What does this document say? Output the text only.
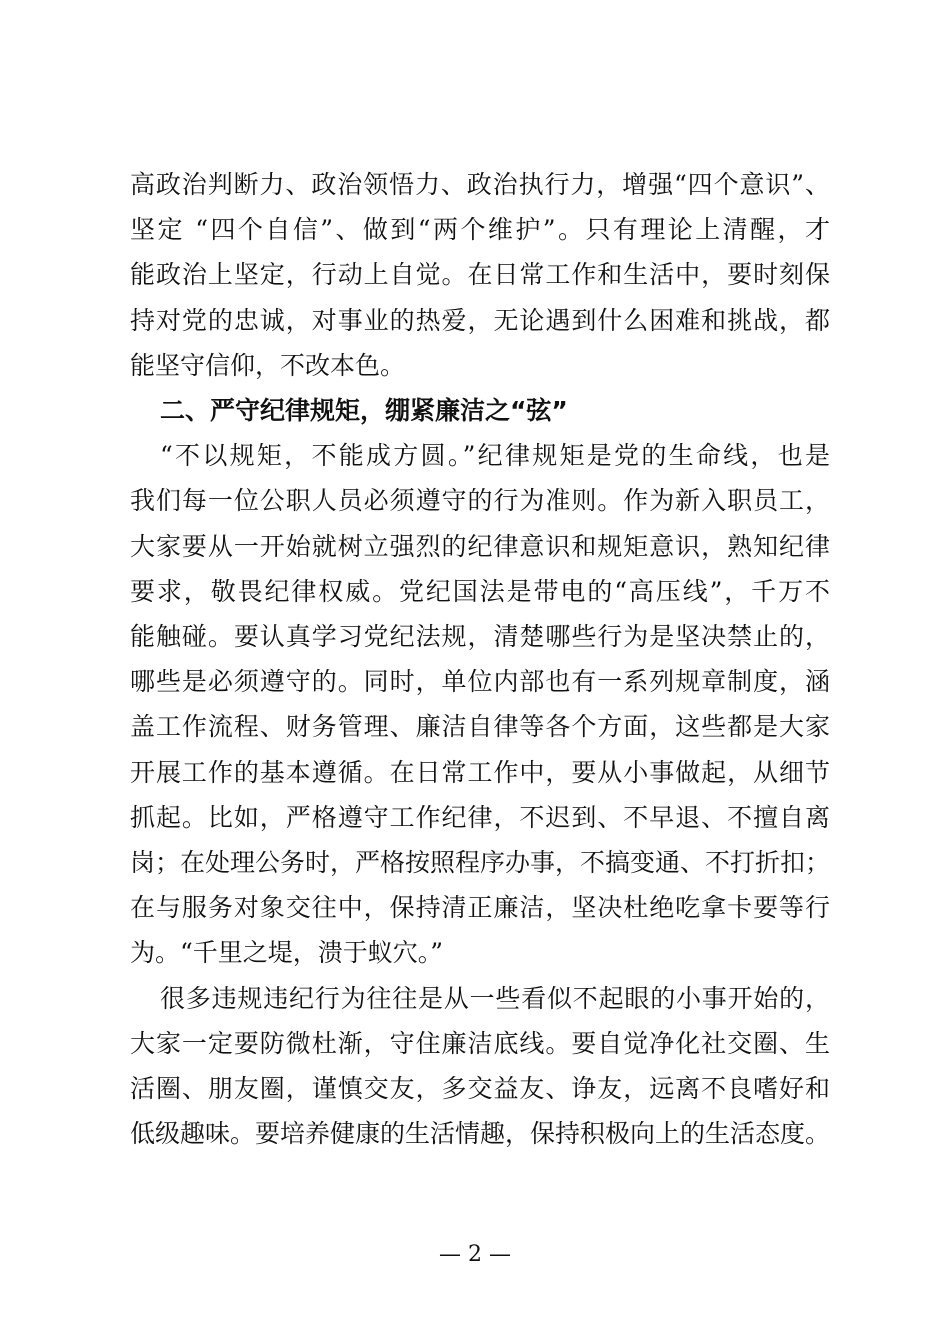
高政治判断力、政治领悟力、政治执行力，增强“四个意识”、
坚定 “四个自信”、做到“两个维护”。只有理论上清醒，才
能政治上坚定，行动上自觉。在日常工作和生活中，要时刻保
持对党的忠诚，对事业的热爱，无论遇到什么困难和挑战，都
能坚守信仰，不改本色。
二、严守纪律规矩，绷紧廉洁之“弦”
“不以规矩，不能成方圆。”纪律规矩是党的生命线，也是
我们每一位公职人员必须遵守的行为准则。作为新入职员工，
大家要从一开始就树立强烈的纪律意识和规矩意识，熟知纪律
要求，敬畏纪律权威。党纪国法是带电的“高压线”，千万不
能触碰。要认真学习党纪法规，清楚哪些行为是坚决禁止的，
哪些是必须遵守的。同时，单位内部也有一系列规章制度，涵
盖工作流程、财务管理、廉洁自律等各个方面，这些都是大家
开展工作的基本遵循。在日常工作中，要从小事做起，从细节
抓起。比如，严格遵守工作纪律，不迟到、不早退、不擅自离
岗；在处理公务时，严格按照程序办事，不搞变通、不打折扣；
在与服务对象交往中，保持清正廉洁，坚决杜绝吃拿卡要等行
为。“千里之堤，溃于蚁穴。”
很多违规违纪行为往往是从一些看似不起眼的小事开始的，
大家一定要防微杜渐，守住廉洁底线。要自觉净化社交圈、生
活圈、朋友圈，谨慎交友，多交益友、诤友，远离不良嗜好和
低级趣味。要培养健康的生活情趣，保持积极向上的生活态度。
— 2 —
